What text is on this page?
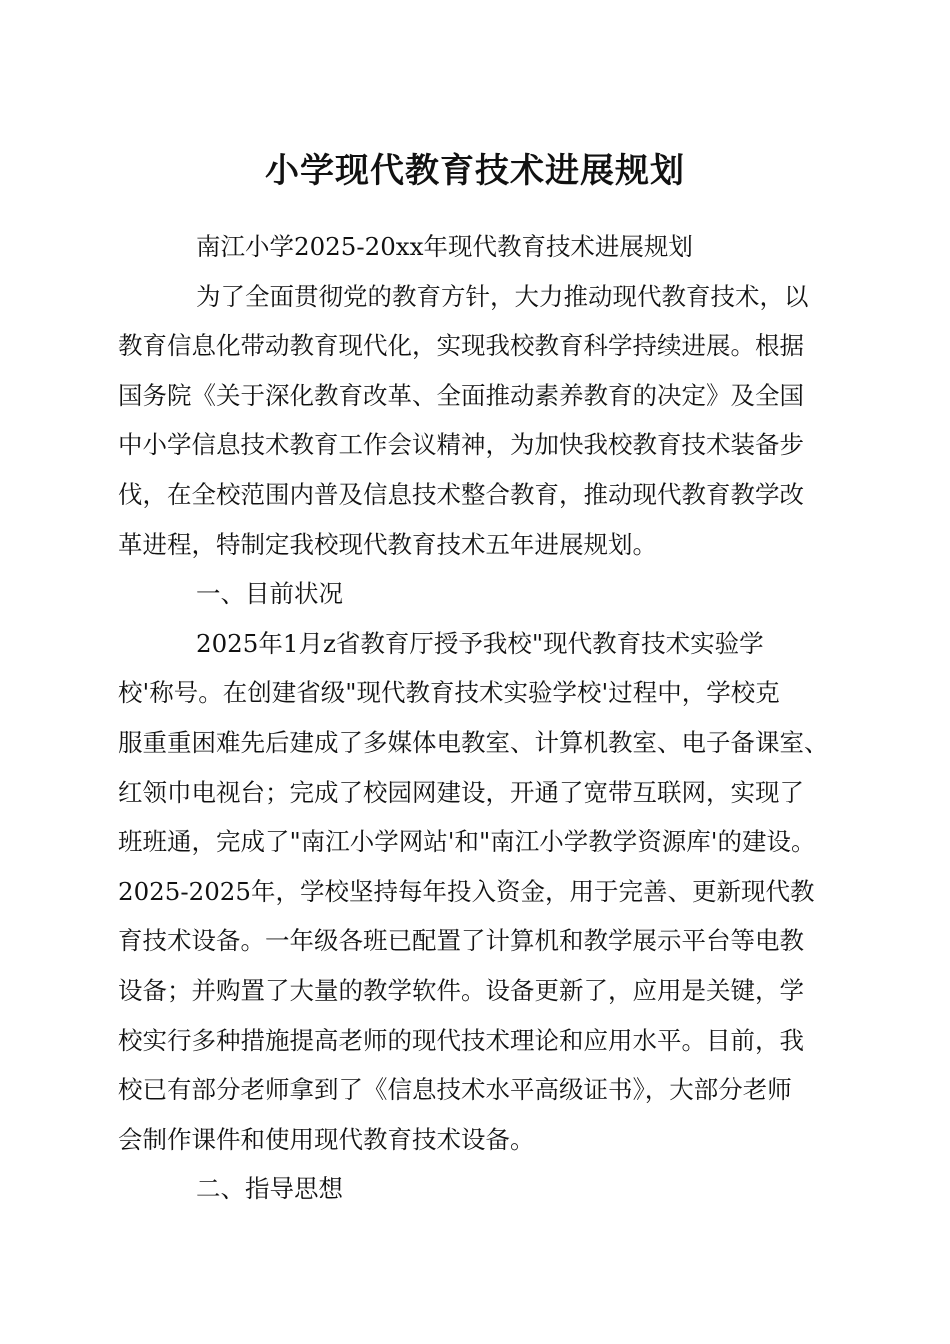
小学现代教育技术进展规划
南江小学2025-20xx年现代教育技术进展规划
为了全面贯彻党的教育方针，大力推动现代教育技术，以
教育信息化带动教育现代化，实现我校教育科学持续进展。根据
国务院《关于深化教育改革、全面推动素养教育的决定》及全国
中小学信息技术教育工作会议精神，为加快我校教育技术装备步
伐，在全校范围内普及信息技术整合教育，推动现代教育教学改
革进程，特制定我校现代教育技术五年进展规划。
一、目前状况
2025年1月z省教育厅授予我校"现代教育技术实验学
校'称号。在创建省级"现代教育技术实验学校'过程中，学校克
服重重困难先后建成了多媒体电教室、计算机教室、电子备课室、
红领巾电视台；完成了校园网建设，开通了宽带互联网，实现了
班班通，完成了"南江小学网站'和"南江小学教学资源库'的建设。
2025-2025年，学校坚持每年投入资金，用于完善、更新现代教
育技术设备。一年级各班已配置了计算机和教学展示平台等电教
设备；并购置了大量的教学软件。设备更新了，应用是关键，学
校实行多种措施提高老师的现代技术理论和应用水平。目前，我
校已有部分老师拿到了《信息技术水平高级证书》，大部分老师
会制作课件和使用现代教育技术设备。
二、指导思想
